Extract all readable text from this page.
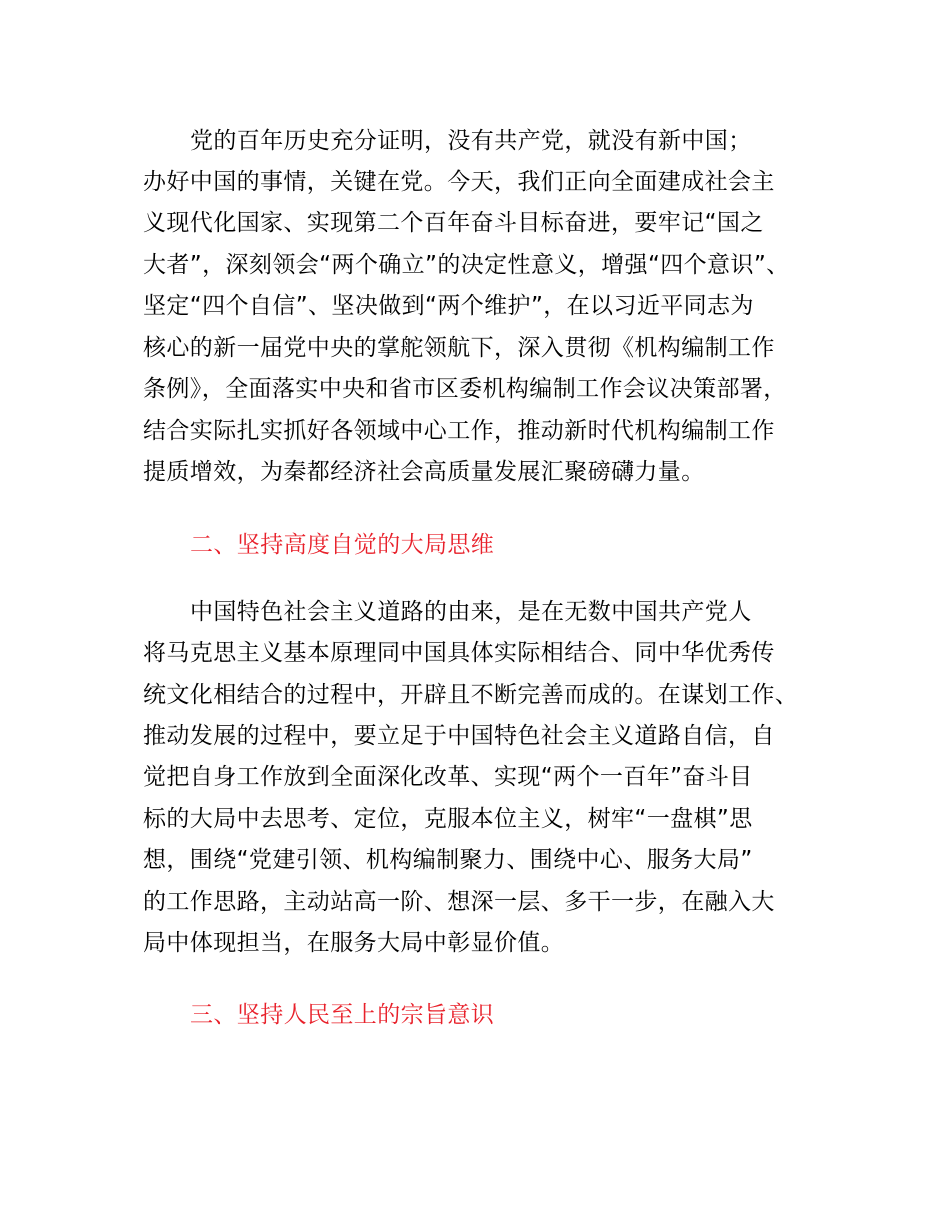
党的百年历史充分证明，没有共产党，就没有新中国；
办好中国的事情，关键在党。今天，我们正向全面建成社会主
义现代化国家、实现第二个百年奋斗目标奋进，要牢记“国之
大者”，深刻领会“两个确立”的决定性意义，增强“四个意识”、
坚定“四个自信”、坚决做到“两个维护”，在以习近平同志为
核心的新一届党中央的掌舵领航下，深入贯彻《机构编制工作
条例》，全面落实中央和省市区委机构编制工作会议决策部署，
结合实际扎实抓好各领域中心工作，推动新时代机构编制工作
提质增效，为秦都经济社会高质量发展汇聚磅礴力量。
二、坚持高度自觉的大局思维
中国特色社会主义道路的由来，是在无数中国共产党人
将马克思主义基本原理同中国具体实际相结合、同中华优秀传
统文化相结合的过程中，开辟且不断完善而成的。在谋划工作、
推动发展的过程中，要立足于中国特色社会主义道路自信，自
觉把自身工作放到全面深化改革、实现“两个一百年”奋斗目
标的大局中去思考、定位，克服本位主义，树牢“一盘棋”思
想，围绕“党建引领、机构编制聚力、围绕中心、服务大局”
的工作思路，主动站高一阶、想深一层、多干一步，在融入大
局中体现担当，在服务大局中彰显价值。
三、坚持人民至上的宗旨意识
